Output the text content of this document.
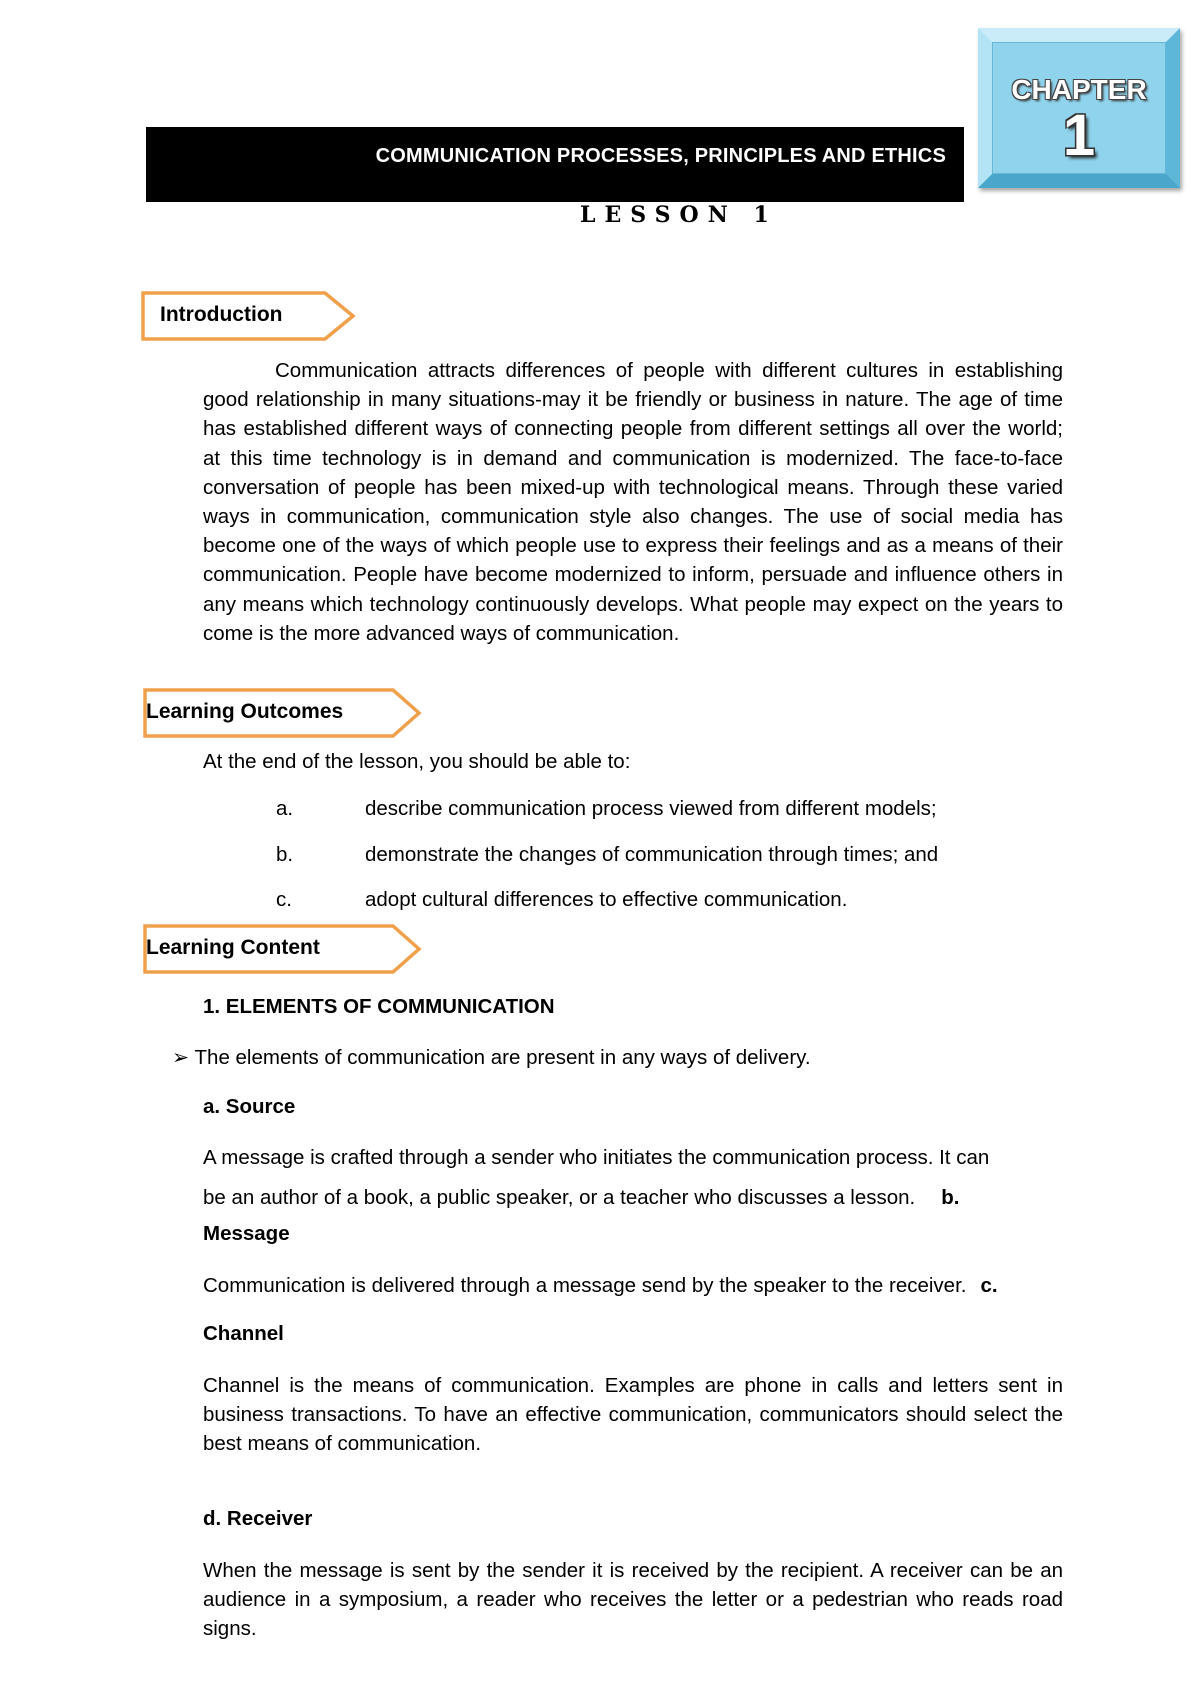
CHAPTER
1
COMMUNICATION PROCESSES, PRINCIPLES AND ETHICS
LESSON 1
Introduction

Communication attracts differences of people with different cultures in establishing good relationship in many situations-may it be friendly or business in nature. The age of time has established different ways of connecting people from different settings all over the world; at this time technology is in demand and communication is modernized. The face-to-face conversation of people has been mixed-up with technological means. Through these varied ways in communication, communication style also changes. The use of social media has become one of the ways of which people use to express their feelings and as a means of their communication. People have become modernized to inform, persuade and influence others in any means which technology continuously develops. What people may expect on the years to come is the more advanced ways of communication.

Learning Outcomes
At the end of the lesson, you should be able to:
a.	describe communication process viewed from different models;
b.	demonstrate the changes of communication through times; and
c.	adopt cultural differences to effective communication.
Learning Content
1. ELEMENTS OF COMMUNICATION
➢ The elements of communication are present in any ways of delivery.
a. Source
A message is crafted through a sender who initiates the communication process. It can
be an author of a book, a public speaker, or a teacher who discusses a lesson. b.
Message
Communication is delivered through a message send by the speaker to the receiver. c.
Channel

Channel is the means of communication. Examples are phone in calls and letters sent in business transactions. To have an effective communication, communicators should select the best means of communication.

d. Receiver

When the message is sent by the sender it is received by the recipient. A receiver can be an audience in a symposium, a reader who receives the letter or a pedestrian who reads road signs.
